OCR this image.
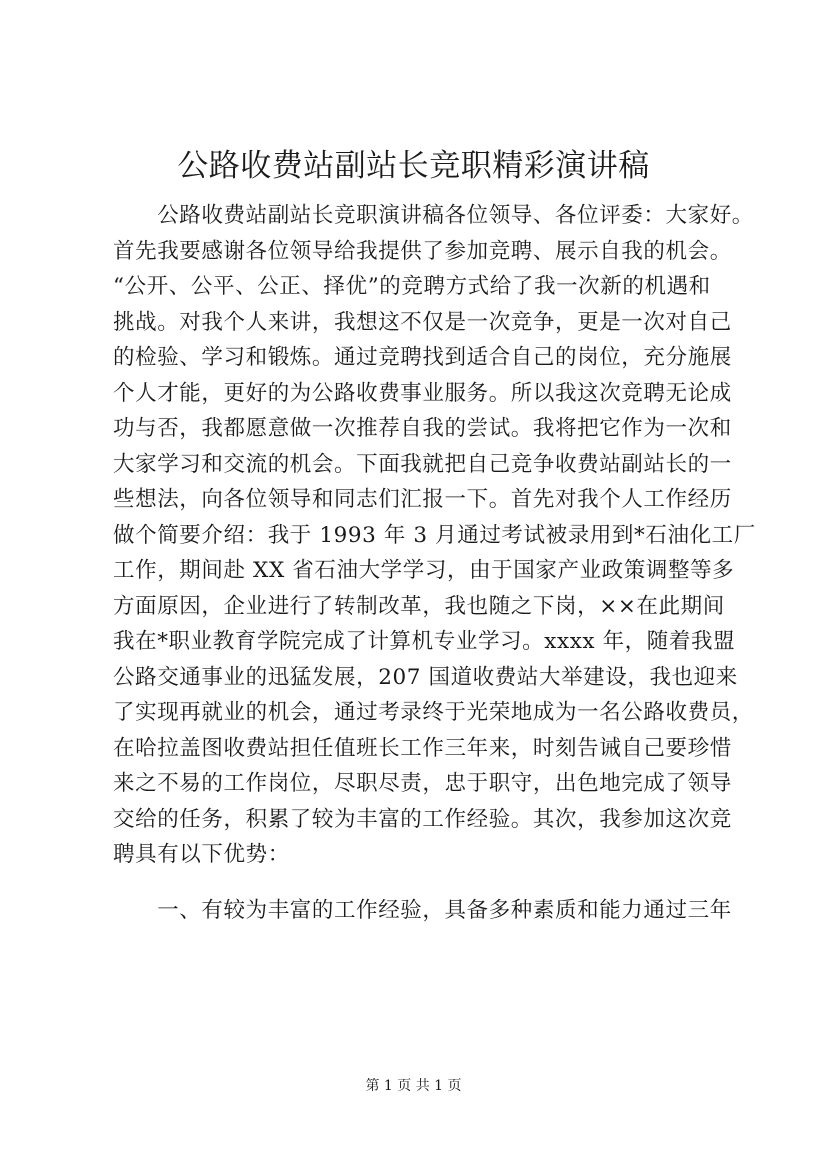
公路收费站副站长竞职精彩演讲稿
　　公路收费站副站长竞职演讲稿各位领导、各位评委：大家好。
首先我要感谢各位领导给我提供了参加竞聘、展示自我的机会。
“公开、公平、公正、择优”的竞聘方式给了我一次新的机遇和
挑战。对我个人来讲，我想这不仅是一次竞争，更是一次对自己
的检验、学习和锻炼。通过竞聘找到适合自己的岗位，充分施展
个人才能，更好的为公路收费事业服务。所以我这次竞聘无论成
功与否，我都愿意做一次推荐自我的尝试。我将把它作为一次和
大家学习和交流的机会。下面我就把自己竞争收费站副站长的一
些想法，向各位领导和同志们汇报一下。首先对我个人工作经历
做个简要介绍：我于 1993 年 3 月通过考试被录用到*石油化工厂
工作，期间赴 XX 省石油大学学习，由于国家产业政策调整等多
方面原因，企业进行了转制改革，我也随之下岗，××在此期间
我在*职业教育学院完成了计算机专业学习。xxxx 年，随着我盟
公路交通事业的迅猛发展，207 国道收费站大举建设，我也迎来
了实现再就业的机会，通过考录终于光荣地成为一名公路收费员，
在哈拉盖图收费站担任值班长工作三年来，时刻告诫自己要珍惜
来之不易的工作岗位，尽职尽责，忠于职守，出色地完成了领导
交给的任务，积累了较为丰富的工作经验。其次，我参加这次竞
聘具有以下优势：
　　一、有较为丰富的工作经验，具备多种素质和能力通过三年
第 1 页 共 1 页
